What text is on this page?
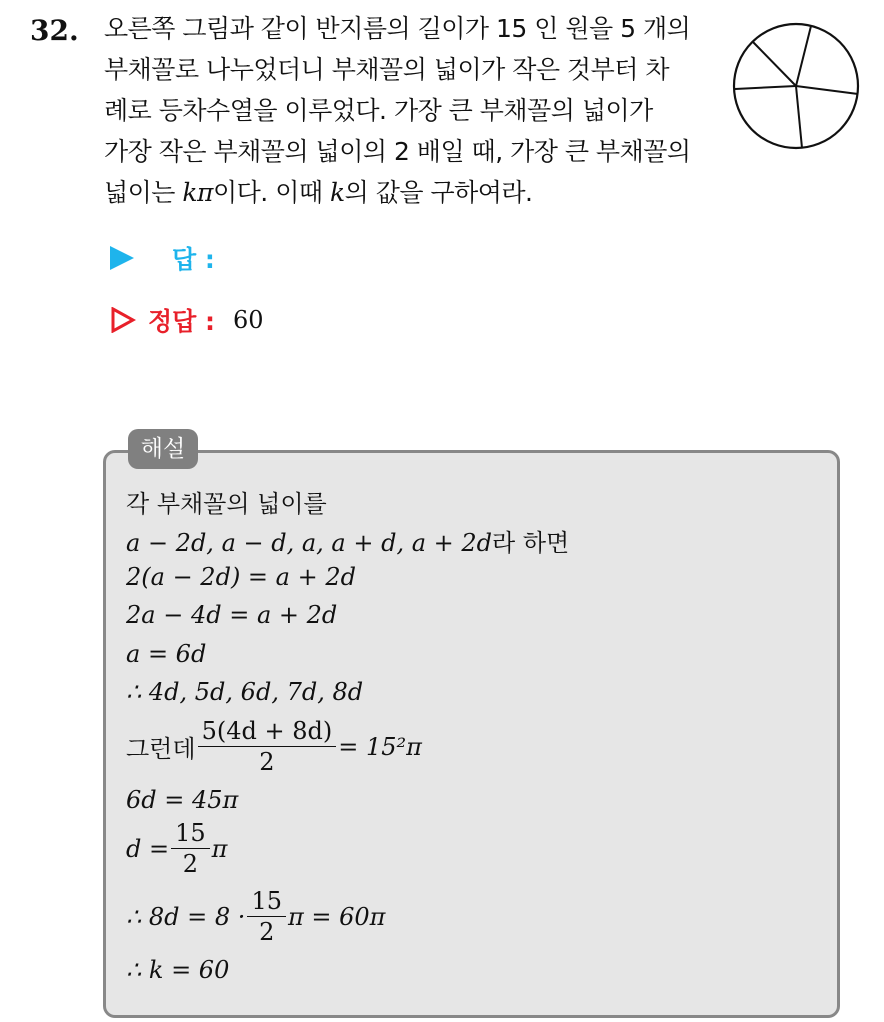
32. 오른쪽 그림과 같이 반지름의 길이가 15 인 원을 5 개의
부채꼴로 나누었더니 부채꼴의 넓이가 작은 것부터 차
례로 등차수열을 이루었다. 가장 큰 부채꼴의 넓이가
가장 작은 부채꼴의 넓이의 2 배일 때, 가장 큰 부채꼴의
넓이는 kπ이다. 이때 k의 값을 구하여라.

답 :
정답 : 60
해설
각 부채꼴의 넓이를
a − 2d, a − d, a, a + d, a + 2d라 하면
2(a − 2d) = a + 2d
2a − 4d = a + 2d
a = 6d
∴ 4d, 5d, 6d, 7d, 8d
그런데 $\frac{5(4d + 8d)}{2} = 15^2\pi$
6d = 45π
$d = \frac{15}{2}$ π
∴ $8d = 8 \cdot \frac{15}{2}$ π = 60π
∴ k = 60
